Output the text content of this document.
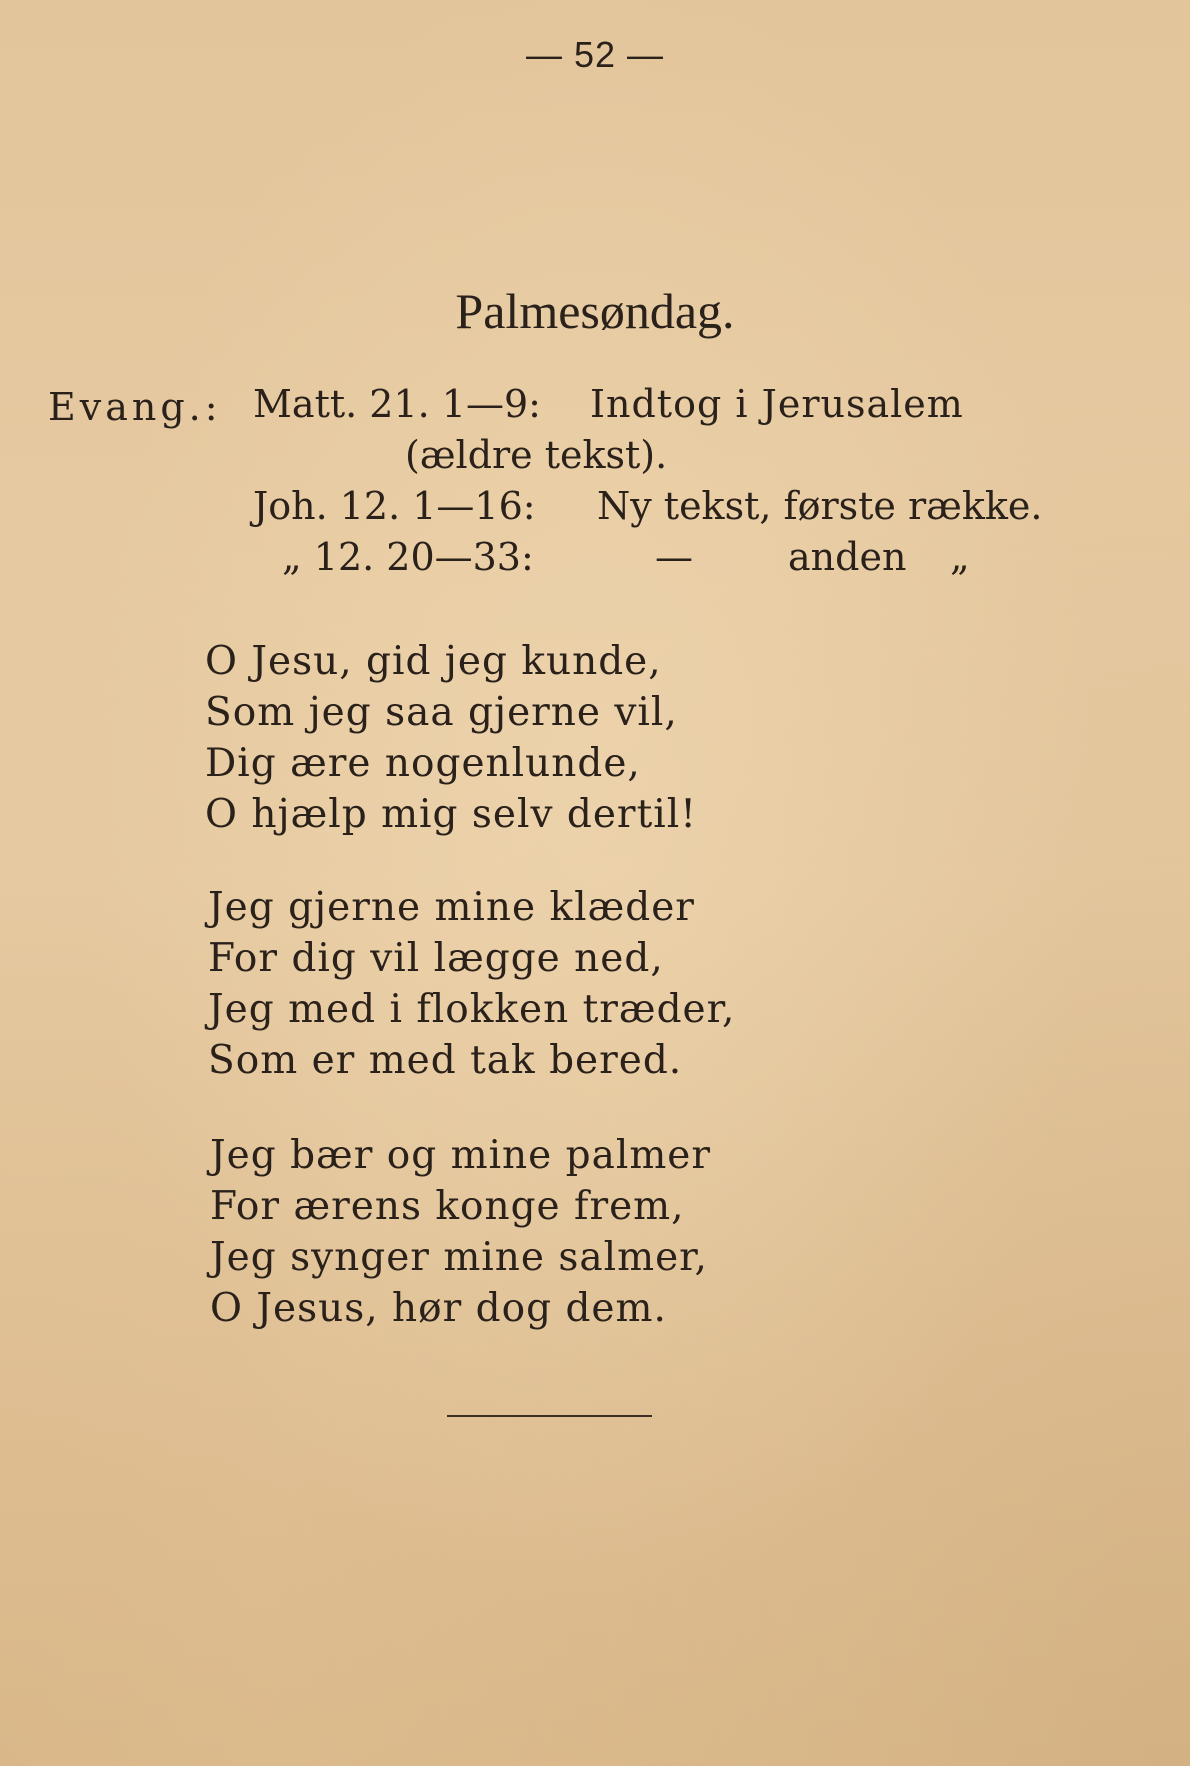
— 52 —
Palmesøndag.
Evang.: Matt. 21. 1—9: Indtog i Jerusalem
(ældre tekst).
Joh. 12. 1—16: Ny tekst, første række.
„ 12. 20—33:	—	anden „
O Jesu, gid jeg kunde,
Som jeg saa gjerne vil,
Dig ære nogenlunde,
O hjælp mig selv dertil!
Jeg gjerne mine klæder
For dig vil lægge ned,
Jeg med i flokken træder,
Som er med tak bered.
Jeg bær og mine palmer
For ærens konge frem,
Jeg synger mine salmer,
O Jesus, hør dog dem.
